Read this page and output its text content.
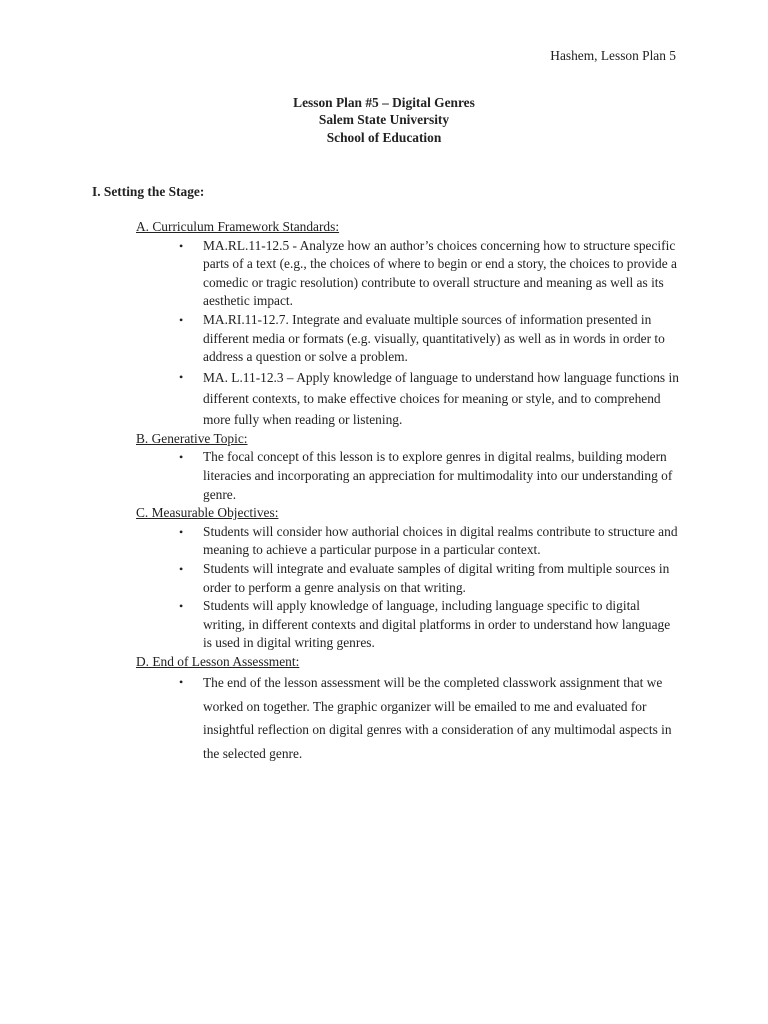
Hashem, Lesson Plan 5
Lesson Plan #5 – Digital Genres
Salem State University
School of Education
I. Setting the Stage:
A. Curriculum Framework Standards:
• MA.RL.11-12.5 - Analyze how an author’s choices concerning how to structure specific parts of a text (e.g., the choices of where to begin or end a story, the choices to provide a comedic or tragic resolution) contribute to overall structure and meaning as well as its aesthetic impact.
• MA.RI.11-12.7. Integrate and evaluate multiple sources of information presented in different media or formats (e.g. visually, quantitatively) as well as in words in order to address a question or solve a problem.
• MA. L.11-12.3 – Apply knowledge of language to understand how language functions in different contexts, to make effective choices for meaning or style, and to comprehend more fully when reading or listening.
B. Generative Topic:
• The focal concept of this lesson is to explore genres in digital realms, building modern literacies and incorporating an appreciation for multimodality into our understanding of genre.
C. Measurable Objectives:
• Students will consider how authorial choices in digital realms contribute to structure and meaning to achieve a particular purpose in a particular context.
• Students will integrate and evaluate samples of digital writing from multiple sources in order to perform a genre analysis on that writing.
• Students will apply knowledge of language, including language specific to digital writing, in different contexts and digital platforms in order to understand how language is used in digital writing genres.
D. End of Lesson Assessment:
• The end of the lesson assessment will be the completed classwork assignment that we worked on together. The graphic organizer will be emailed to me and evaluated for insightful reflection on digital genres with a consideration of any multimodal aspects in the selected genre.
